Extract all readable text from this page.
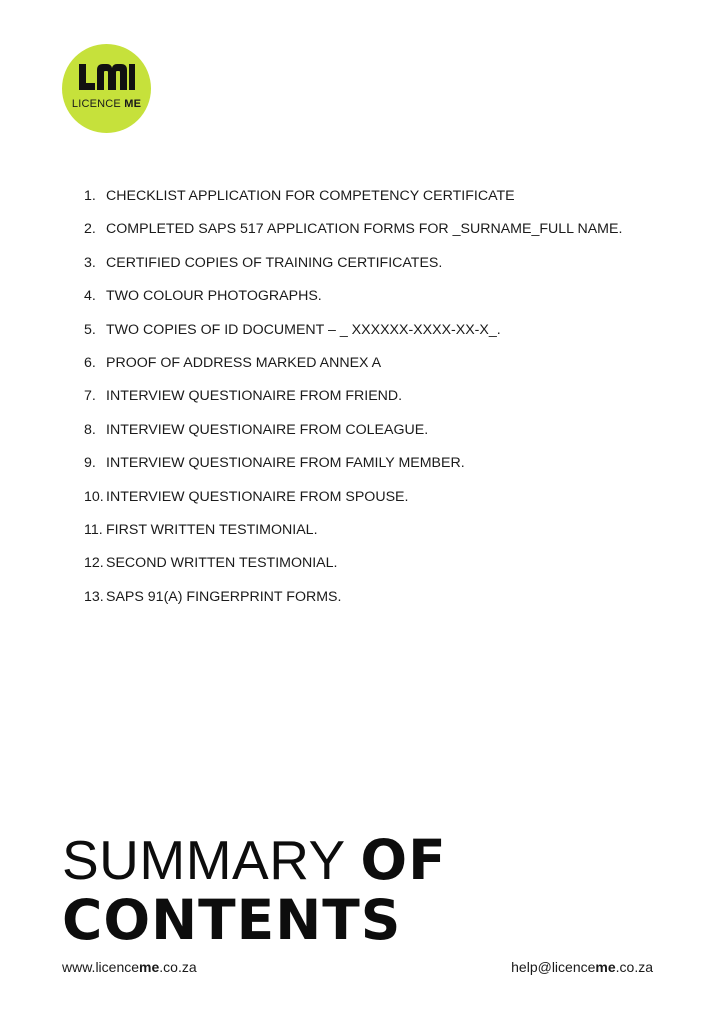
LICENCE ME
1. CHECKLIST APPLICATION FOR COMPETENCY CERTIFICATE
2. COMPLETED SAPS 517 APPLICATION FORMS FOR _SURNAME_FULL NAME.
3. CERTIFIED COPIES OF TRAINING CERTIFICATES.
4. TWO COLOUR PHOTOGRAPHS.
5. TWO COPIES OF ID DOCUMENT – _ XXXXXX-XXXX-XX-X_.
6. PROOF OF ADDRESS MARKED ANNEX A
7. INTERVIEW QUESTIONAIRE FROM FRIEND.
8. INTERVIEW QUESTIONAIRE FROM COLEAGUE.
9. INTERVIEW QUESTIONAIRE FROM FAMILY MEMBER.
10. INTERVIEW QUESTIONAIRE FROM SPOUSE.
11. FIRST WRITTEN TESTIMONIAL.
12. SECOND WRITTEN TESTIMONIAL.
13. SAPS 91(A) FINGERPRINT FORMS.
SUMMARY OF
CONTENTS
www.licenceme.co.za	help@licenceme.co.za
